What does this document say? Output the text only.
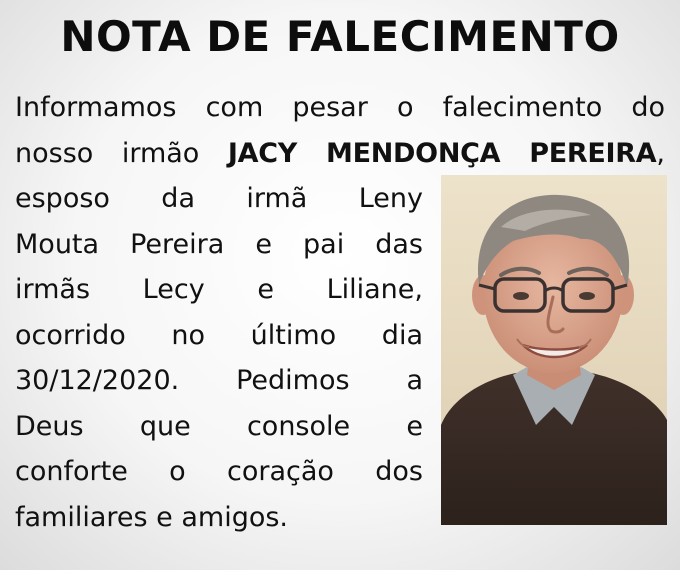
NOTA DE FALECIMENTO
Informamos com pesar o falecimento do
nosso irmão JACY MENDONÇA PEREIRA,
esposo da irmã Leny
Mouta Pereira e pai das
irmãs Lecy e Liliane,
ocorrido no último dia
30/12/2020. Pedimos a
Deus que console e
conforte o coração dos
familiares e amigos.
